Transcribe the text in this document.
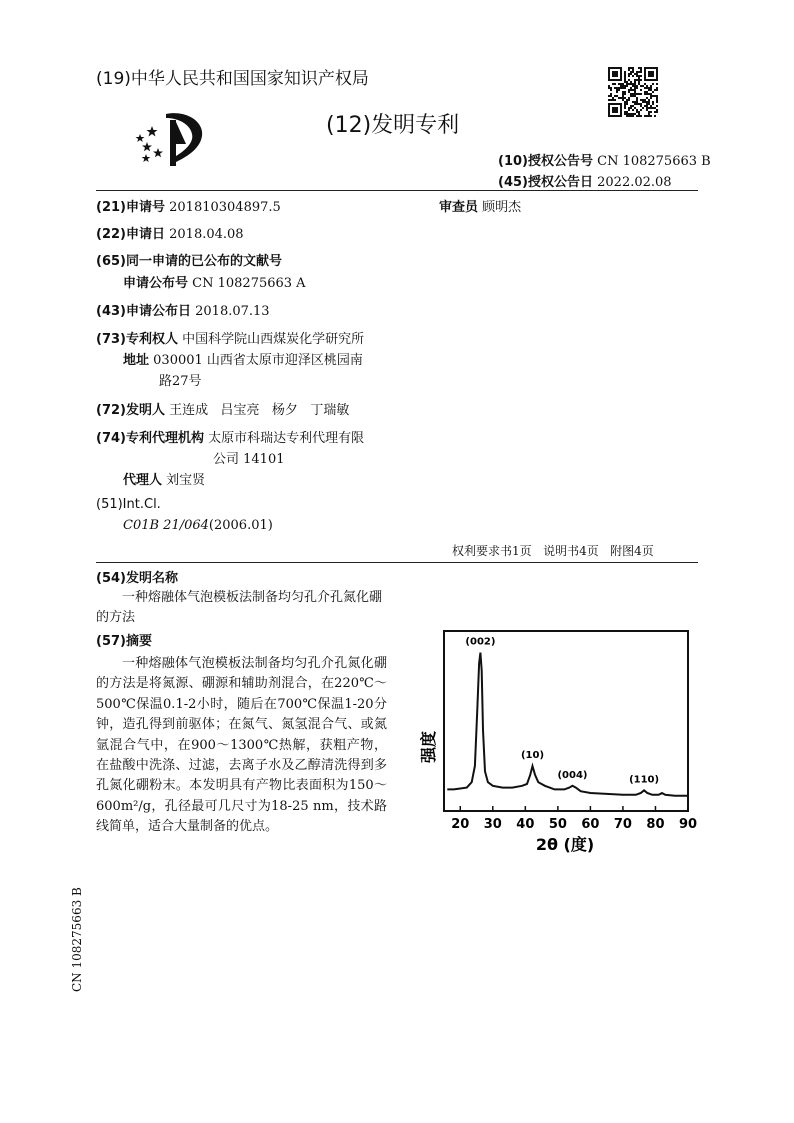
(19)中华人民共和国国家知识产权局
(12)发明专利
(10)授权公告号 CN 108275663 B
(45)授权公告日 2022.02.08
(21)申请号 201810304897.5	审查员 顾明杰
(22)申请日 2018.04.08
(65)同一申请的已公布的文献号
申请公布号 CN 108275663 A
(43)申请公布日 2018.07.13
(73)专利权人 中国科学院山西煤炭化学研究所
地址 030001 山西省太原市迎泽区桃园南
路27号
(72)发明人 王连成   吕宝亮   杨夕   丁瑞敏
(74)专利代理机构 太原市科瑞达专利代理有限
公司 14101
代理人 刘宝贤
(51)Int.Cl.
C01B 21/064(2006.01)
权利要求书1页   说明书4页   附图4页
(54)发明名称
一种熔融体气泡模板法制备均匀孔介孔氮化硼的方法
(57)摘要
一种熔融体气泡模板法制备均匀孔介孔氮化硼的方法是将氮源、硼源和辅助剂混合，在220℃～500℃保温0.1-2小时，随后在700℃保温1-20分钟，造孔得到前驱体；在氮气、氮氢混合气、或氮氩混合气中，在900～1300℃热解，获粗产物，在盐酸中洗涤、过滤，去离子水及乙醇清洗得到多孔氮化硼粉末。本发明具有产物比表面积为150～600m²/g，孔径最可几尺寸为18-25 nm，技术路线简单，适合大量制备的优点。
强度
20 30 40 50 60 70 80 90
(002)
(10)
(004)	(110)
2θ (度)
CN 108275663 B
